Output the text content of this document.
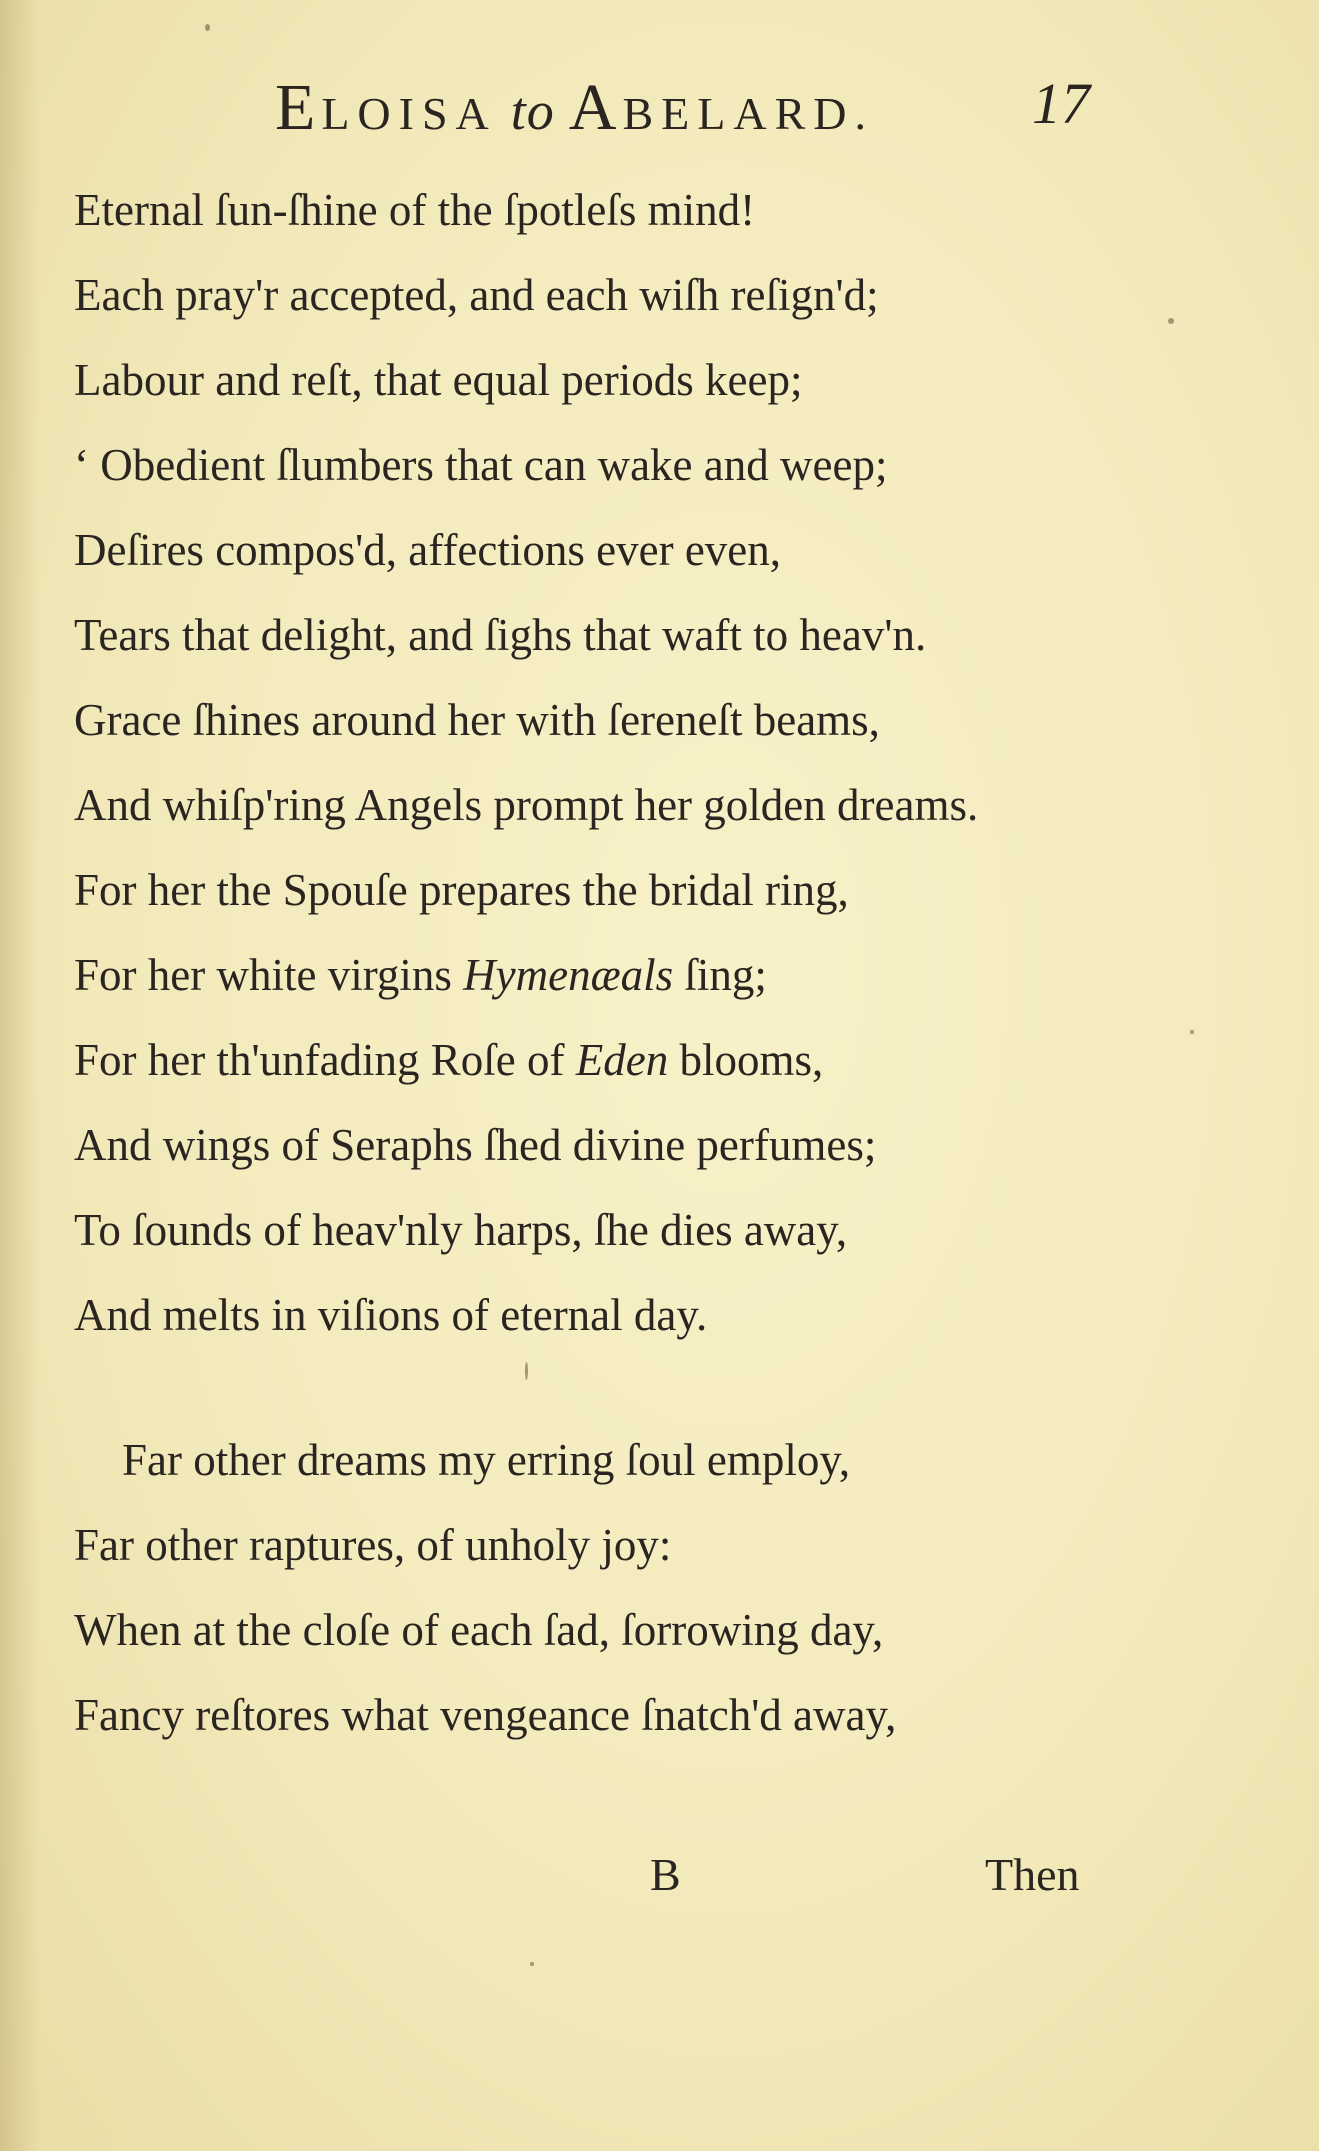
ELOISA to ABELARD.	17
Eternal ſun-ſhine of the ſpotleſs mind!
Each pray'r accepted, and each wiſh reſign'd;
Labour and reſt, that equal periods keep;
‘ Obedient ſlumbers that can wake and weep;
Deſires compos'd, affections ever even,
Tears that delight, and ſighs that waft to heav'n.
Grace ſhines around her with ſereneſt beams,
And whiſp'ring Angels prompt her golden dreams.
For her the Spouſe prepares the bridal ring,
For her white virgins Hymenæals ſing;
For her th'unfading Roſe of Eden blooms,
And wings of Seraphs ſhed divine perfumes;
To ſounds of heav'nly harps, ſhe dies away,
And melts in viſions of eternal day.
Far other dreams my erring ſoul employ,
Far other raptures, of unholy joy:
When at the cloſe of each ſad, ſorrowing day,
Fancy reſtores what vengeance ſnatch'd away,
B	Then
